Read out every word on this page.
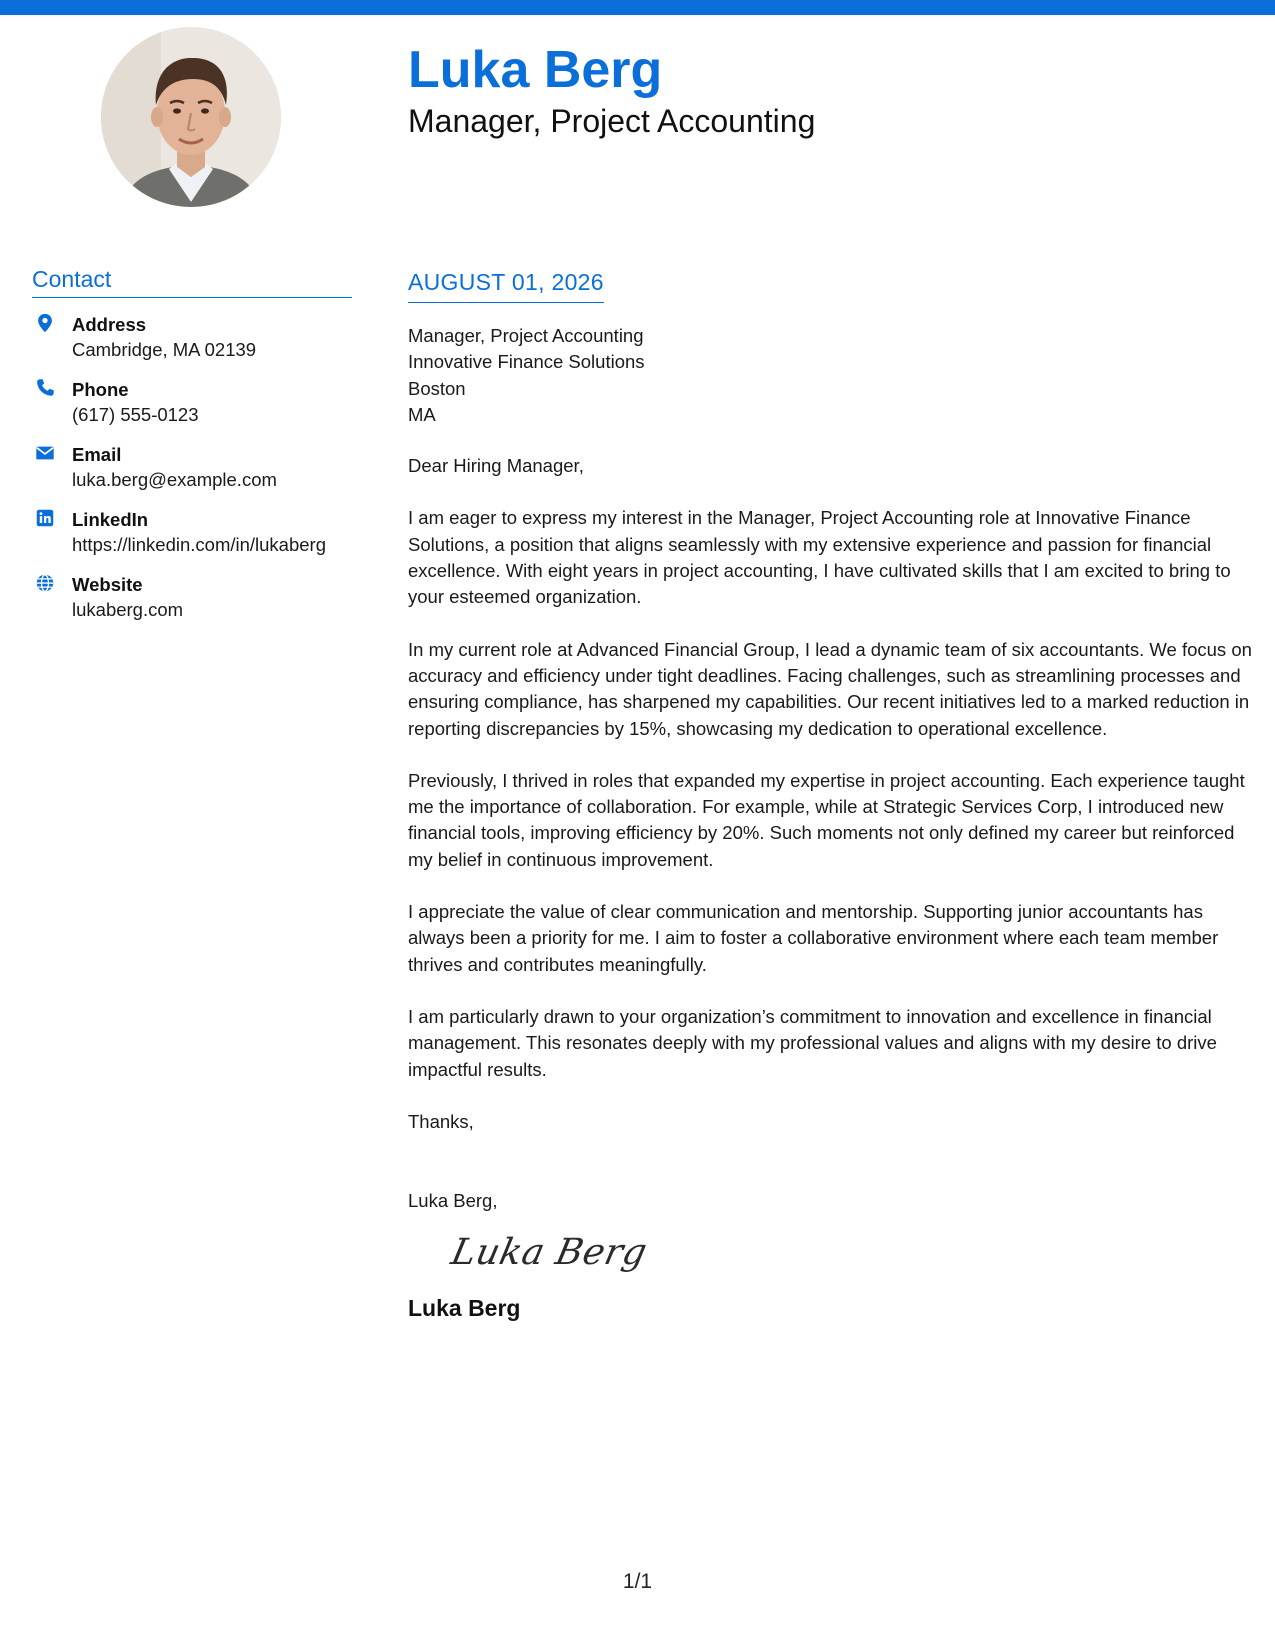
Luka Berg
Manager, Project Accounting
Contact
Address
Cambridge, MA 02139
Phone
(617) 555-0123
Email
luka.berg@example.com
LinkedIn
https://linkedin.com/in/lukaberg
Website
lukaberg.com
AUGUST 01, 2026
Manager, Project Accounting
Innovative Finance Solutions
Boston
MA

Dear Hiring Manager,

I am eager to express my interest in the Manager, Project Accounting role at Innovative Finance Solutions, a position that aligns seamlessly with my extensive experience and passion for financial excellence. With eight years in project accounting, I have cultivated skills that I am excited to bring to your esteemed organization.

In my current role at Advanced Financial Group, I lead a dynamic team of six accountants. We focus on accuracy and efficiency under tight deadlines. Facing challenges, such as streamlining processes and ensuring compliance, has sharpened my capabilities. Our recent initiatives led to a marked reduction in reporting discrepancies by 15%, showcasing my dedication to operational excellence.

Previously, I thrived in roles that expanded my expertise in project accounting. Each experience taught me the importance of collaboration. For example, while at Strategic Services Corp, I introduced new financial tools, improving efficiency by 20%. Such moments not only defined my career but reinforced my belief in continuous improvement.

I appreciate the value of clear communication and mentorship. Supporting junior accountants has always been a priority for me. I aim to foster a collaborative environment where each team member thrives and contributes meaningfully.

I am particularly drawn to your organization’s commitment to innovation and excellence in financial management. This resonates deeply with my professional values and aligns with my desire to drive impactful results.

Thanks,

Luka Berg,
Luka Berg
Luka Berg
1/1
